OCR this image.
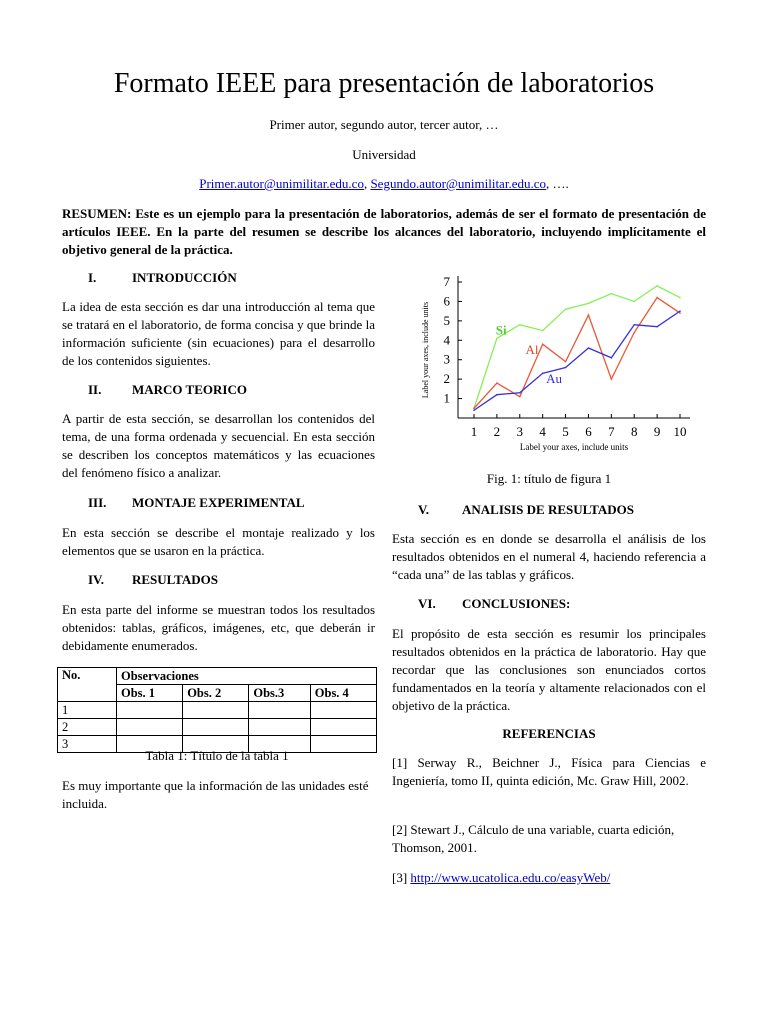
Formato IEEE para presentación de laboratorios
Primer autor, segundo autor, tercer autor, …
Universidad
Primer.autor@unimilitar.edu.co, Segundo.autor@unimilitar.edu.co, ….
RESUMEN: Este es un ejemplo para la presentación de laboratorios, además de ser el formato de presentación de artículos IEEE. En la parte del resumen se describe los alcances del laboratorio, incluyendo implícitamente el objetivo general de la práctica.
I.	INTRODUCCIÓN

La idea de esta sección es dar una introducción al tema que se tratará en el laboratorio, de forma concisa y que brinde la información suficiente (sin ecuaciones) para el desarrollo de los contenidos siguientes.

II. MARCO TEORICO

A partir de esta sección, se desarrollan los contenidos del tema, de una forma ordenada y secuencial. En esta sección se describen los conceptos matemáticos y las ecuaciones del fenómeno físico a analizar.

III. MONTAJE EXPERIMENTAL

En esta sección se describe el montaje realizado y los elementos que se usaron en la práctica.

IV. RESULTADOS

En esta parte del informe se muestran todos los resultados obtenidos: tablas, gráficos, imágenes, etc, que deberán ir debidamente enumerados.

No.	Observaciones			
	Obs. 1	Obs. 2	Obs.3	Obs. 4
1				
2				
3				
Tabla 1: Título de la tabla 1

Es muy importante que la información de las unidades esté incluida.

1
2
3
4
5
6
7
1 2 3 4 5 6 7 8 9 10
Label your axes, include units
Label your axes, include units	Si
Al
Au
Fig. 1: título de figura 1
V.	ANALISIS DE RESULTADOS

Esta sección es en donde se desarrolla el análisis de los resultados obtenidos en el numeral 4, haciendo referencia a “cada una” de las tablas y gráficos.

VI. CONCLUSIONES:

El propósito de esta sección es resumir los principales resultados obtenidos en la práctica de laboratorio. Hay que recordar que las conclusiones son enunciados cortos fundamentados en la teoría y altamente relacionados con el objetivo de la práctica.

REFERENCIAS

[1] Serway R., Beichner J., Física para Ciencias e Ingeniería, tomo II, quinta edición, Mc. Graw Hill, 2002.

[2] Stewart J., Cálculo de una variable, cuarta edición, Thomson, 2001.

[3] http://www.ucatolica.edu.co/easyWeb/
